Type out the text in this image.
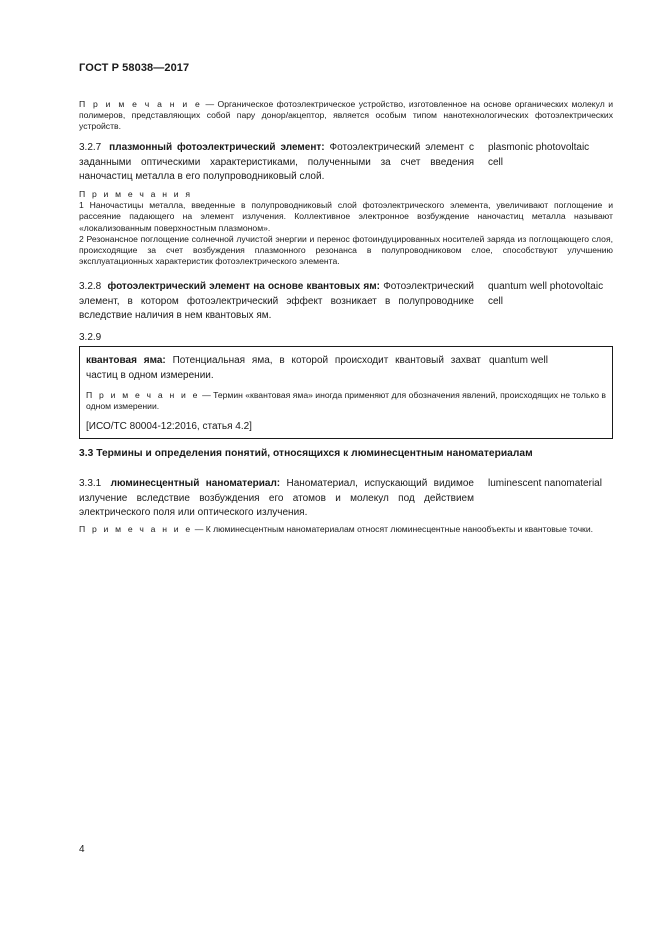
ГОСТ Р 58038—2017
П р и м е ч а н и е — Органическое фотоэлектрическое устройство, изготовленное на основе органических молекул и полимеров, представляющих собой пару донор/акцептор, является особым типом нанотехнологических фотоэлектрических устройств.
3.2.7 плазмонный фотоэлектрический элемент: Фотоэлектрический элемент с заданными оптическими характеристиками, полученными за счет введения наночастиц металла в его полупроводниковый слой.
plasmonic photovoltaic
cell
П р и м е ч а н и я
1 Наночастицы металла, введенные в полупроводниковый слой фотоэлектрического элемента, увеличивают поглощение и рассеяние падающего на элемент излучения. Коллективное электронное возбуждение наночастиц металла называют «локализованным поверхностным плазмоном».
2 Резонансное поглощение солнечной лучистой энергии и перенос фотоиндуцированных носителей заряда из поглощающего слоя, происходящие за счет возбуждения плазмонного резонанса в полупроводниковом слое, способствуют улучшению эксплуатационных характеристик фотоэлектрического элемента.
3.2.8 фотоэлектрический элемент на основе квантовых ям: Фотоэлектрический элемент, в котором фотоэлектрический эффект возникает в полупроводнике вследствие наличия в нем квантовых ям.
quantum well photovoltaic
cell
3.2.9
квантовая яма: Потенциальная яма, в которой происходит квантовый захват частиц в одном измерении.
quantum well
П р и м е ч а н и е — Термин «квантовая яма» иногда применяют для обозначения явлений, происходящих не только в одном измерении.
[ИСО/ТС 80004-12:2016, статья 4.2]
3.3 Термины и определения понятий, относящихся к люминесцентным наноматериалам
3.3.1 люминесцентный наноматериал: Наноматериал, испускающий видимое излучение вследствие возбуждения его атомов и молекул под действием электрического поля или оптического излучения.
luminescent nanomaterial
П р и м е ч а н и е — К люминесцентным наноматериалам относят люминесцентные нанообъекты и квантовые точки.
4
